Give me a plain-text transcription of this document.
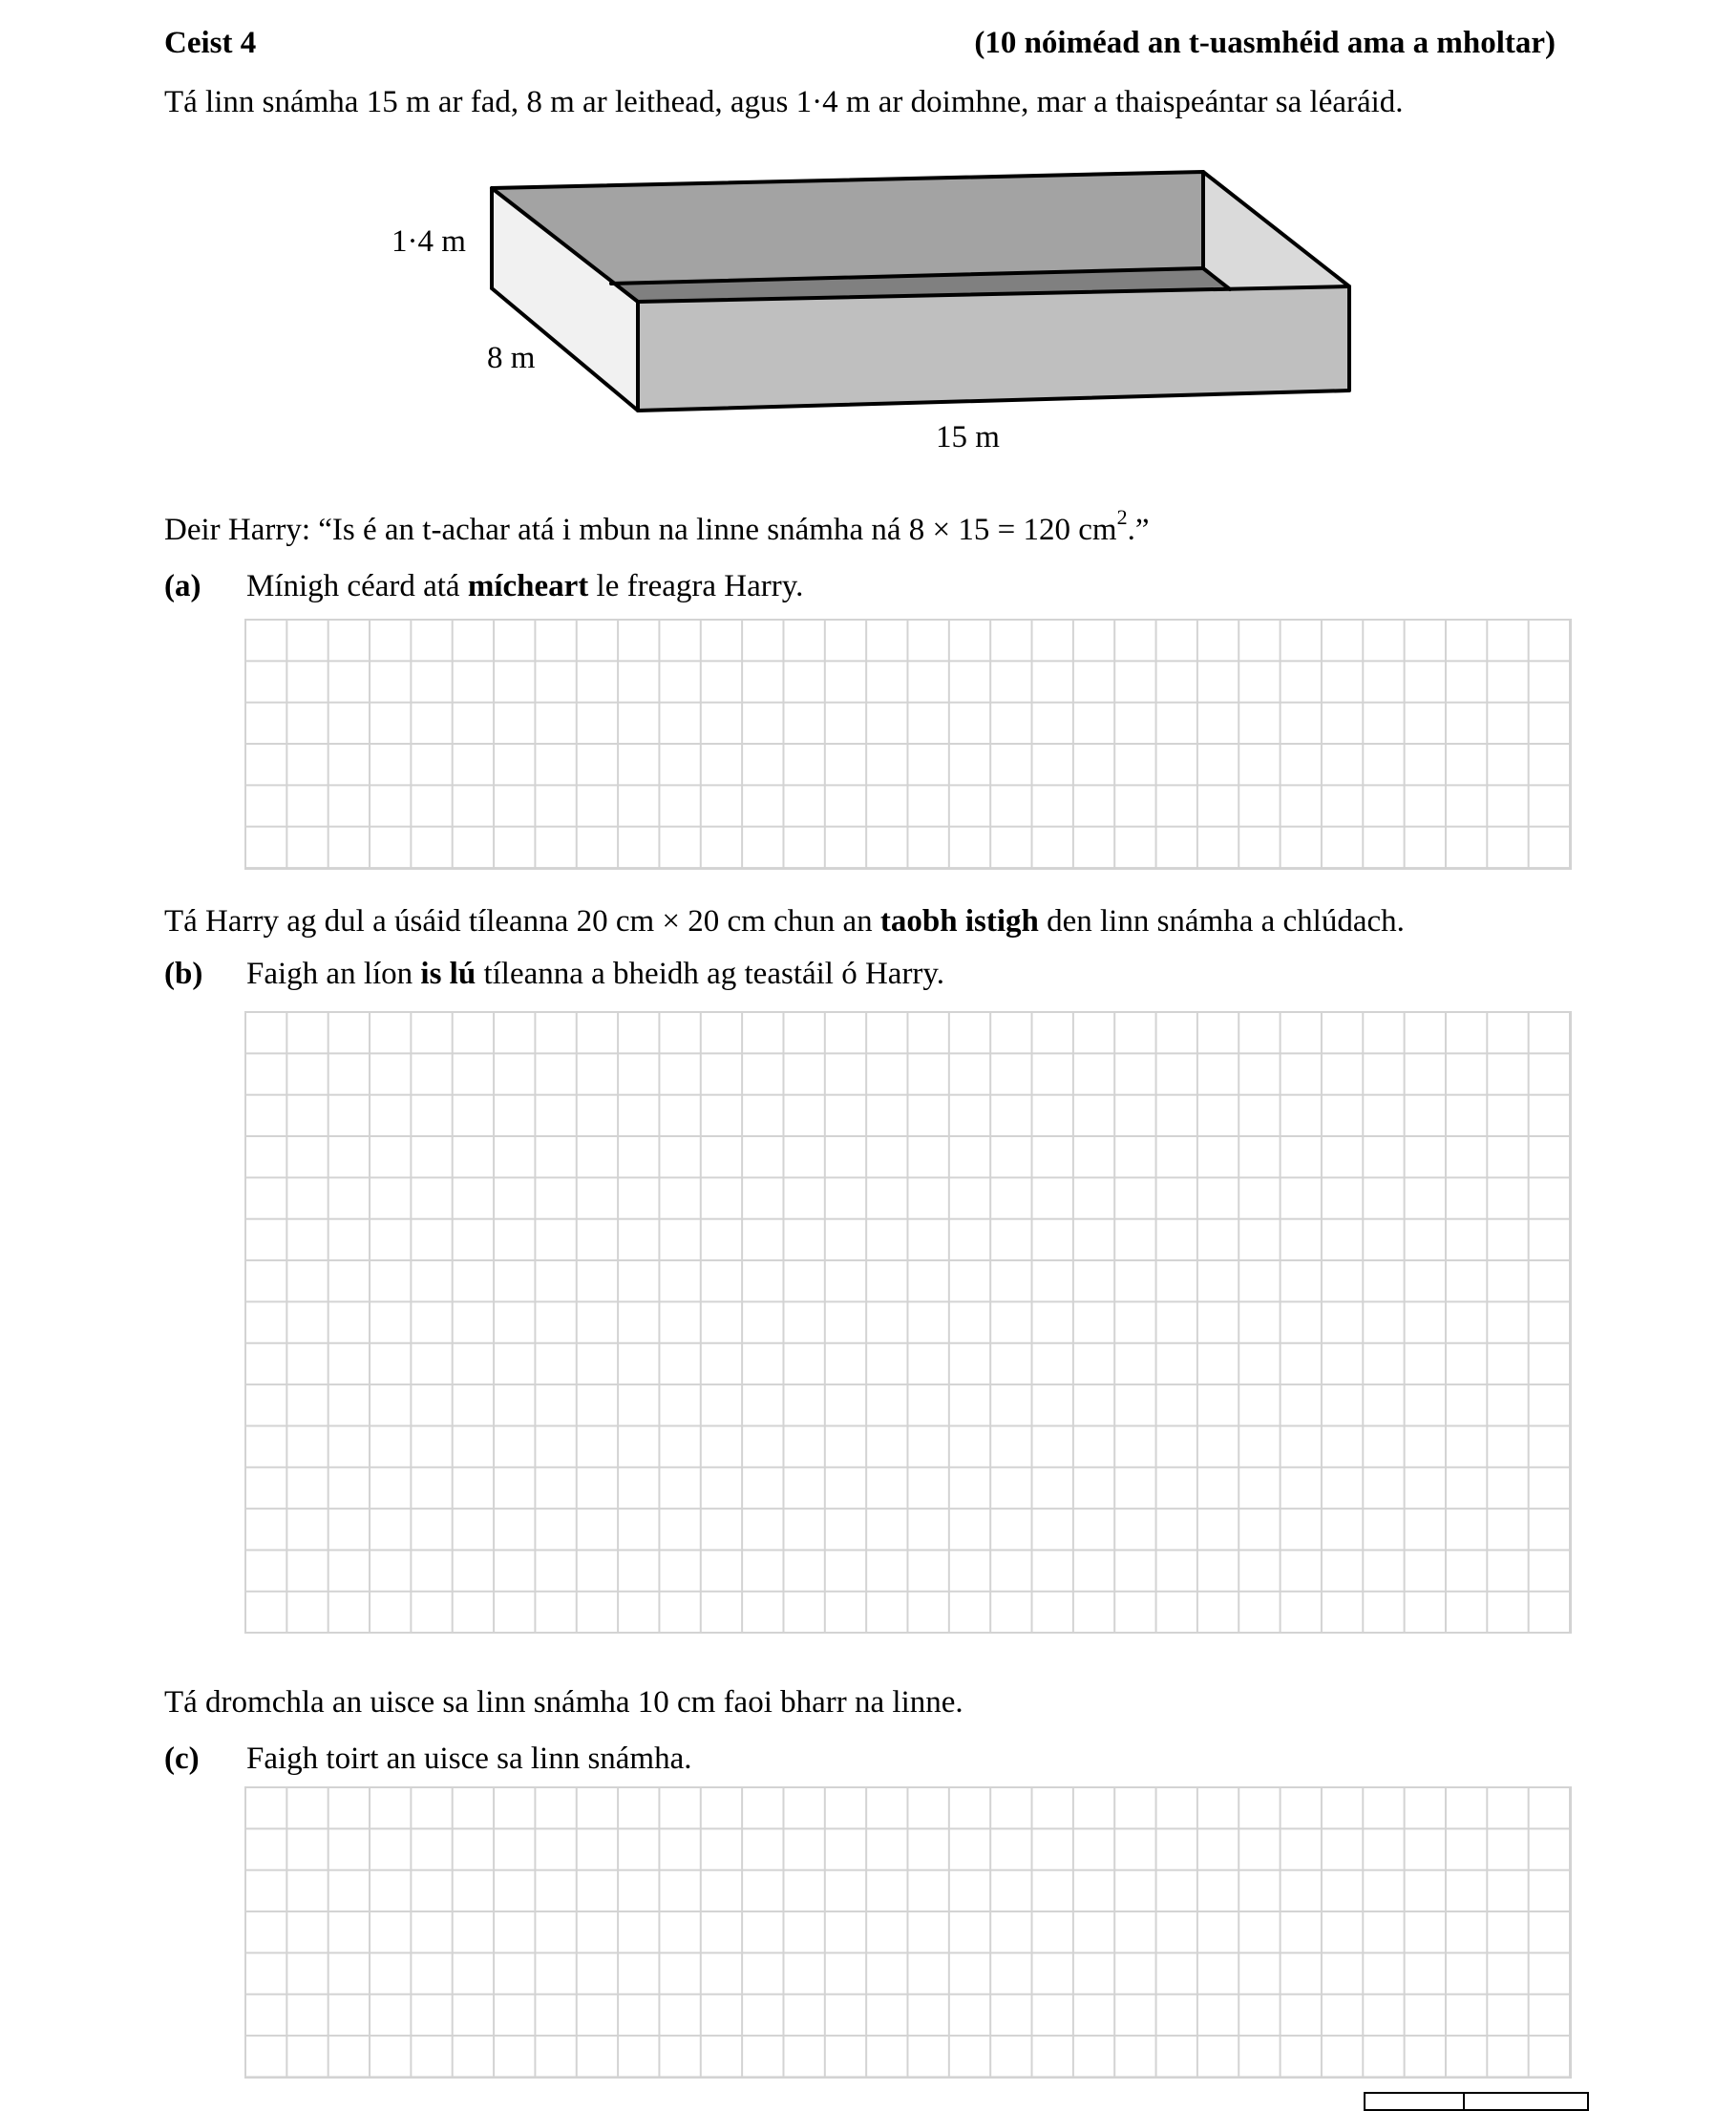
Ceist 4	(10 nóiméad an t-uasmhéid ama a mholtar)
Tá linn snámha 15 m ar fad, 8 m ar leithead, agus 1·4 m ar doimhne, mar a thaispeántar sa léaráid.
1·4 m
8 m
15 m
Deir Harry: “Is é an t-achar atá i mbun na linne snámha ná 8 × 15 = 120 $cm^2$.”
(a) Mínigh céard atá mícheart le freagra Harry.
Tá Harry ag dul a úsáid tíleanna 20 cm × 20 cm chun an taobh istigh den linn snámha a chlúdach.
(b) Faigh an líon is lú tíleanna a bheidh ag teastáil ó Harry.
Tá dromchla an uisce sa linn snámha 10 cm faoi bharr na linne.
(c) Faigh toirt an uisce sa linn snámha.
